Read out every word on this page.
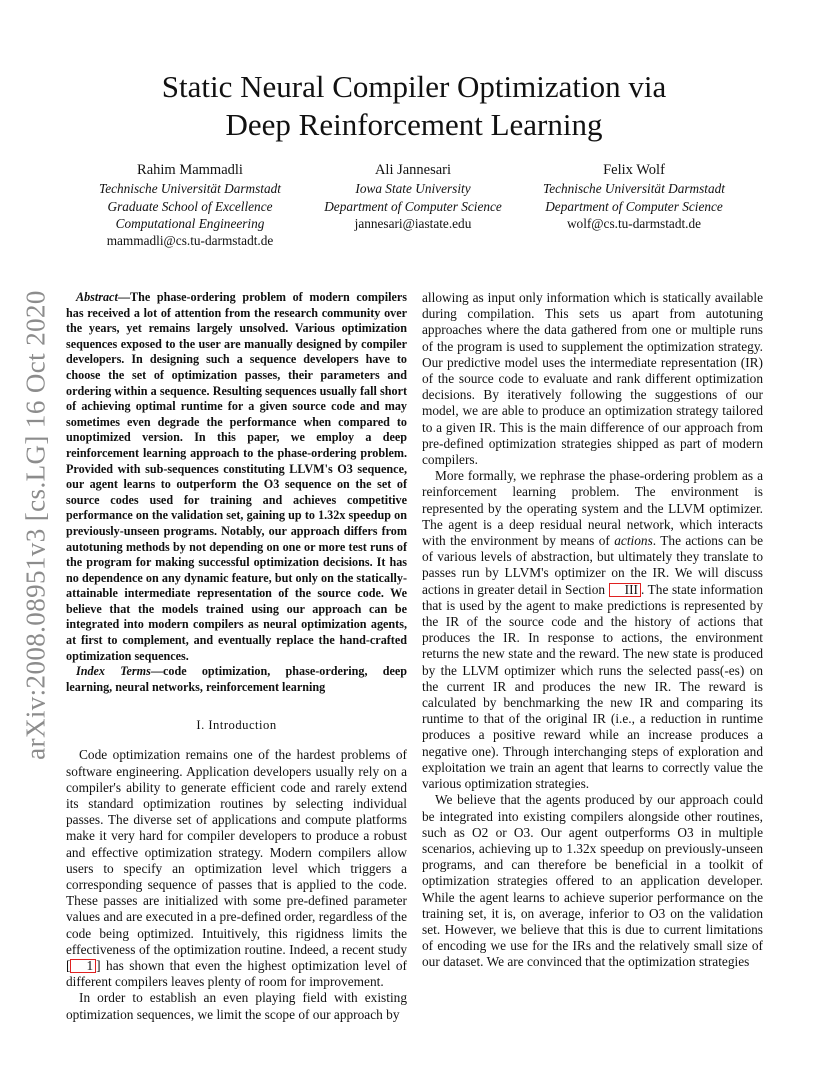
arXiv:2008.08951v3 [cs.LG] 16 Oct 2020
Static Neural Compiler Optimization via
Deep Reinforcement Learning
Rahim Mammadli
Technische Universität Darmstadt
Graduate School of Excellence
Computational Engineering
mammadli@cs.tu-darmstadt.de
Ali Jannesari
Iowa State University
Department of Computer Science
jannesari@iastate.edu
Felix Wolf
Technische Universität Darmstadt
Department of Computer Science
wolf@cs.tu-darmstadt.de

Abstract—The phase-ordering problem of modern compilers has received a lot of attention from the research community over the years, yet remains largely unsolved. Various optimization sequences exposed to the user are manually designed by compiler developers. In designing such a sequence developers have to choose the set of optimization passes, their parameters and ordering within a sequence. Resulting sequences usually fall short of achieving optimal runtime for a given source code and may sometimes even degrade the performance when compared to unoptimized version. In this paper, we employ a deep reinforcement learning approach to the phase-ordering problem. Provided with sub-sequences constituting LLVM's O3 sequence, our agent learns to outperform the O3 sequence on the set of source codes used for training and achieves competitive performance on the validation set, gaining up to 1.32x speedup on previously-unseen programs. Notably, our approach differs from autotuning methods by not depending on one or more test runs of the program for making successful optimization decisions. It has no dependence on any dynamic feature, but only on the statically-attainable intermediate representation of the source code. We believe that the models trained using our approach can be integrated into modern compilers as neural optimization agents, at first to complement, and eventually replace the hand-crafted optimization sequences.

Index Terms—code optimization, phase-ordering, deep learning, neural networks, reinforcement learning

I. Introduction

Code optimization remains one of the hardest problems of software engineering. Application developers usually rely on a compiler's ability to generate efficient code and rarely extend its standard optimization routines by selecting individual passes. The diverse set of applications and compute platforms make it very hard for compiler developers to produce a robust and effective optimization strategy. Modern compilers allow users to specify an optimization level which triggers a corresponding sequence of passes that is applied to the code. These passes are initialized with some pre-defined parameter values and are executed in a pre-defined order, regardless of the code being optimized. Intuitively, this rigidness limits the effectiveness of the optimization routine. Indeed, a recent study [ 1 ] has shown that even the highest optimization level of different compilers leaves plenty of room for improvement.

In order to establish an even playing field with existing optimization sequences, we limit the scope of our approach by

allowing as input only information which is statically available during compilation. This sets us apart from autotuning approaches where the data gathered from one or multiple runs of the program is used to supplement the optimization strategy. Our predictive model uses the intermediate representation (IR) of the source code to evaluate and rank different optimization decisions. By iteratively following the suggestions of our model, we are able to produce an optimization strategy tailored to a given IR. This is the main difference of our approach from pre-defined optimization strategies shipped as part of modern compilers.

More formally, we rephrase the phase-ordering problem as a reinforcement learning problem. The environment is represented by the operating system and the LLVM optimizer. The agent is a deep residual neural network, which interacts with the environment by means of actions. The actions can be of various levels of abstraction, but ultimately they translate to passes run by LLVM's optimizer on the IR. We will discuss actions in greater detail in Section III . The state information that is used by the agent to make predictions is represented by the IR of the source code and the history of actions that produces the IR. In response to actions, the environment returns the new state and the reward. The new state is produced by the LLVM optimizer which runs the selected pass(-es) on the current IR and produces the new IR. The reward is calculated by benchmarking the new IR and comparing its runtime to that of the original IR (i.e., a reduction in runtime produces a positive reward while an increase produces a negative one). Through interchanging steps of exploration and exploitation we train an agent that learns to correctly value the various optimization strategies.

We believe that the agents produced by our approach could be integrated into existing compilers alongside other routines, such as O2 or O3. Our agent outperforms O3 in multiple scenarios, achieving up to 1.32x speedup on previously-unseen programs, and can therefore be beneficial in a toolkit of optimization strategies offered to an application developer. While the agent learns to achieve superior performance on the training set, it is, on average, inferior to O3 on the validation set. However, we believe that this is due to current limitations of encoding we use for the IRs and the relatively small size of our dataset. We are convinced that the optimization strategies
